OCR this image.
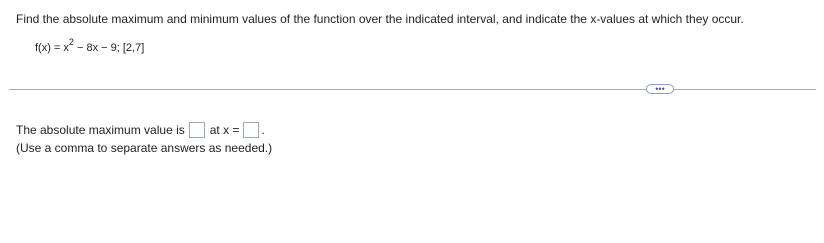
Find the absolute maximum and minimum values of the function over the indicated interval, and indicate the x-values at which they occur.
$f(x) = x^2 - 8x - 9$; [2,7]
•••
The absolute maximum value is at x = .
(Use a comma to separate answers as needed.)
